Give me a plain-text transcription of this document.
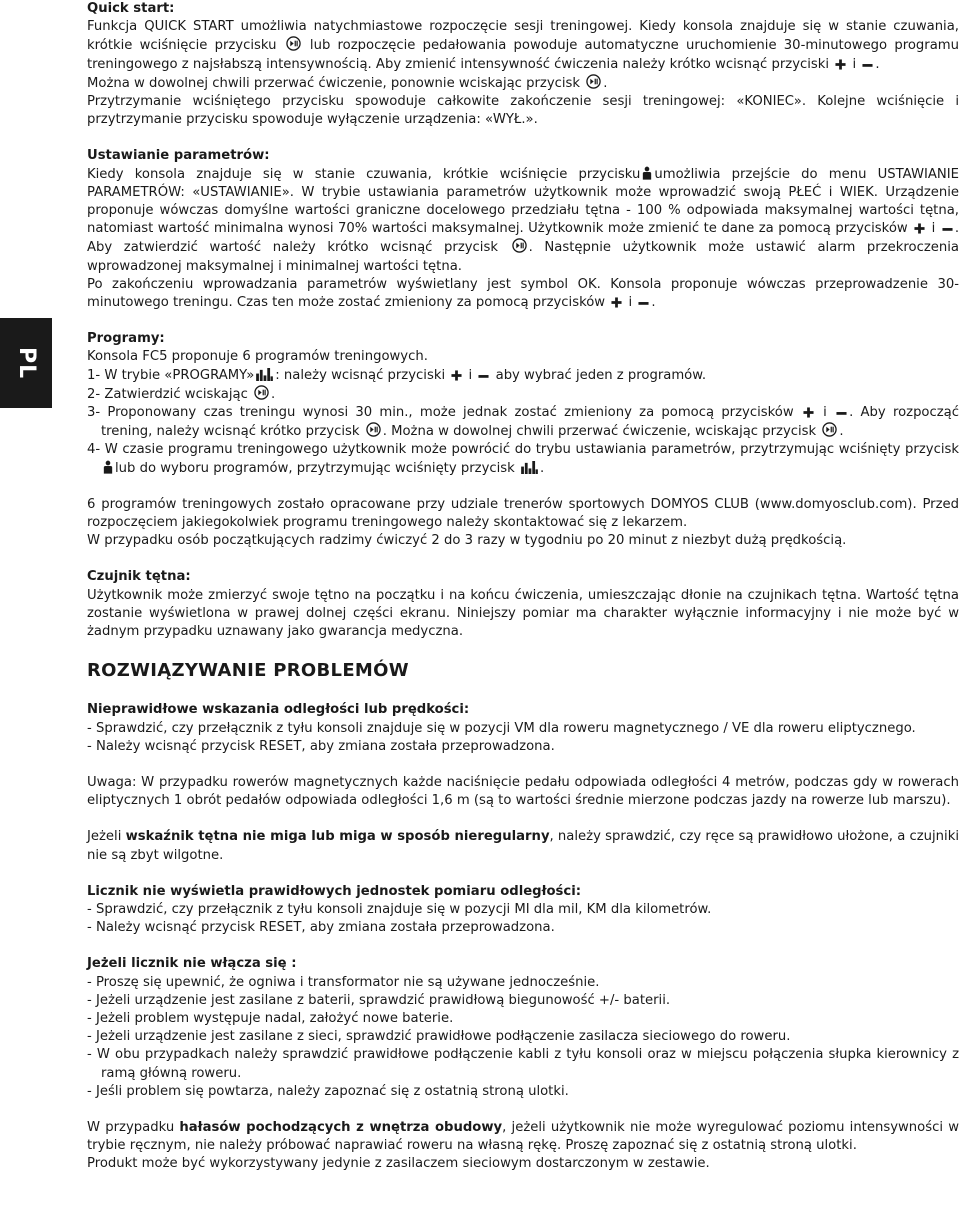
PL

Quick start:

Funkcja QUICK START umożliwia natychmiastowe rozpoczęcie sesji treningowej. Kiedy konsola znajduje się w stanie czuwania, krótkie wciśnięcie przycisku	lub rozpoczęcie pedałowania powoduje automatyczne uruchomienie 30-minutowego programu treningowego z najsłabszą intensywnością. Aby zmienić intensywność ćwiczenia należy krótko wcisnąć przyciski i .

Można w dowolnej chwili przerwać ćwiczenie, ponownie wciskając przycisk .

Przytrzymanie wciśniętego przycisku spowoduje całkowite zakończenie sesji treningowej: «KONIEC». Kolejne wciśnięcie i przytrzymanie przycisku spowoduje wyłączenie urządzenia: «WYŁ.».

Ustawianie parametrów:

Kiedy konsola znajduje się w stanie czuwania, krótkie wciśnięcie przycisku umożliwia przejście do menu USTAWIANIE PARAMETRÓW: «USTAWIANIE». W trybie ustawiania parametrów użytkownik może wprowadzić swoją PŁEĆ i WIEK. Urządzenie proponuje wówczas domyślne wartości graniczne docelowego przedziału tętna - 100 % odpowiada maksymalnej wartości tętna, natomiast wartość minimalna wynosi 70% wartości maksymalnej. Użytkownik może zmienić te dane za pomocą przycisków i . Aby zatwierdzić wartość należy krótko wcisnąć przycisk . Następnie użytkownik może ustawić alarm przekroczenia wprowadzonej maksymalnej i minimalnej wartości tętna.

Po zakończeniu wprowadzania parametrów wyświetlany jest symbol OK. Konsola proponuje wówczas przeprowadzenie 30-minutowego treningu. Czas ten może zostać zmieniony za pomocą przycisków i .

Programy:

Konsola FC5 proponuje 6 programów treningowych.

1- W trybie «PROGRAMY» : należy wcisnąć przyciski i aby wybrać jeden z programów.

2- Zatwierdzić wciskając .

3- Proponowany czas treningu wynosi 30 min., może jednak zostać zmieniony za pomocą przycisków i . Aby rozpocząć trening, należy wcisnąć krótko przycisk . Można w dowolnej chwili przerwać ćwiczenie, wciskając przycisk .

4- W czasie programu treningowego użytkownik może powrócić do trybu ustawiania parametrów, przytrzymując wciśnięty przycisk lub do wyboru programów, przytrzymując wciśnięty przycisk .

6 programów treningowych zostało opracowane przy udziale trenerów sportowych DOMYOS CLUB (www.domyosclub.com). Przed rozpoczęciem jakiegokolwiek programu treningowego należy skontaktować się z lekarzem.

W przypadku osób początkujących radzimy ćwiczyć 2 do 3 razy w tygodniu po 20 minut z niezbyt dużą prędkością.

Czujnik tętna:

Użytkownik może zmierzyć swoje tętno na początku i na końcu ćwiczenia, umieszczając dłonie na czujnikach tętna. Wartość tętna zostanie wyświetlona w prawej dolnej części ekranu. Niniejszy pomiar ma charakter wyłącznie informacyjny i nie może być w żadnym przypadku uznawany jako gwarancja medyczna.

ROZWIĄZYWANIE PROBLEMÓW

Nieprawidłowe wskazania odległości lub prędkości:

- Sprawdzić, czy przełącznik z tyłu konsoli znajduje się w pozycji VM dla roweru magnetycznego / VE dla roweru eliptycznego.

- Należy wcisnąć przycisk RESET, aby zmiana została przeprowadzona.

Uwaga: W przypadku rowerów magnetycznych każde naciśnięcie pedału odpowiada odległości 4 metrów, podczas gdy w rowerach eliptycznych 1 obrót pedałów odpowiada odległości 1,6 m (są to wartości średnie mierzone podczas jazdy na rowerze lub marszu).

Jeżeli wskaźnik tętna nie miga lub miga w sposób nieregularny, należy sprawdzić, czy ręce są prawidłowo ułożone, a czujniki nie są zbyt wilgotne.

Licznik nie wyświetla prawidłowych jednostek pomiaru odległości:

- Sprawdzić, czy przełącznik z tyłu konsoli znajduje się w pozycji MI dla mil, KM dla kilometrów.

- Należy wcisnąć przycisk RESET, aby zmiana została przeprowadzona.

Jeżeli licznik nie włącza się :

- Proszę się upewnić, że ogniwa i transformator nie są używane jednocześnie.

- Jeżeli urządzenie jest zasilane z baterii, sprawdzić prawidłową biegunowość +/- baterii.

- Jeżeli problem występuje nadal, założyć nowe baterie.

- Jeżeli urządzenie jest zasilane z sieci, sprawdzić prawidłowe podłączenie zasilacza sieciowego do roweru.

- W obu przypadkach należy sprawdzić prawidłowe podłączenie kabli z tyłu konsoli oraz w miejscu połączenia słupka kierownicy z ramą główną roweru.

- Jeśli problem się powtarza, należy zapoznać się z ostatnią stroną ulotki.

W przypadku hałasów pochodzących z wnętrza obudowy, jeżeli użytkownik nie może wyregulować poziomu intensywności w trybie ręcznym, nie należy próbować naprawiać roweru na własną rękę. Proszę zapoznać się z ostatnią stroną ulotki.

Produkt może być wykorzystywany jedynie z zasilaczem sieciowym dostarczonym w zestawie.
